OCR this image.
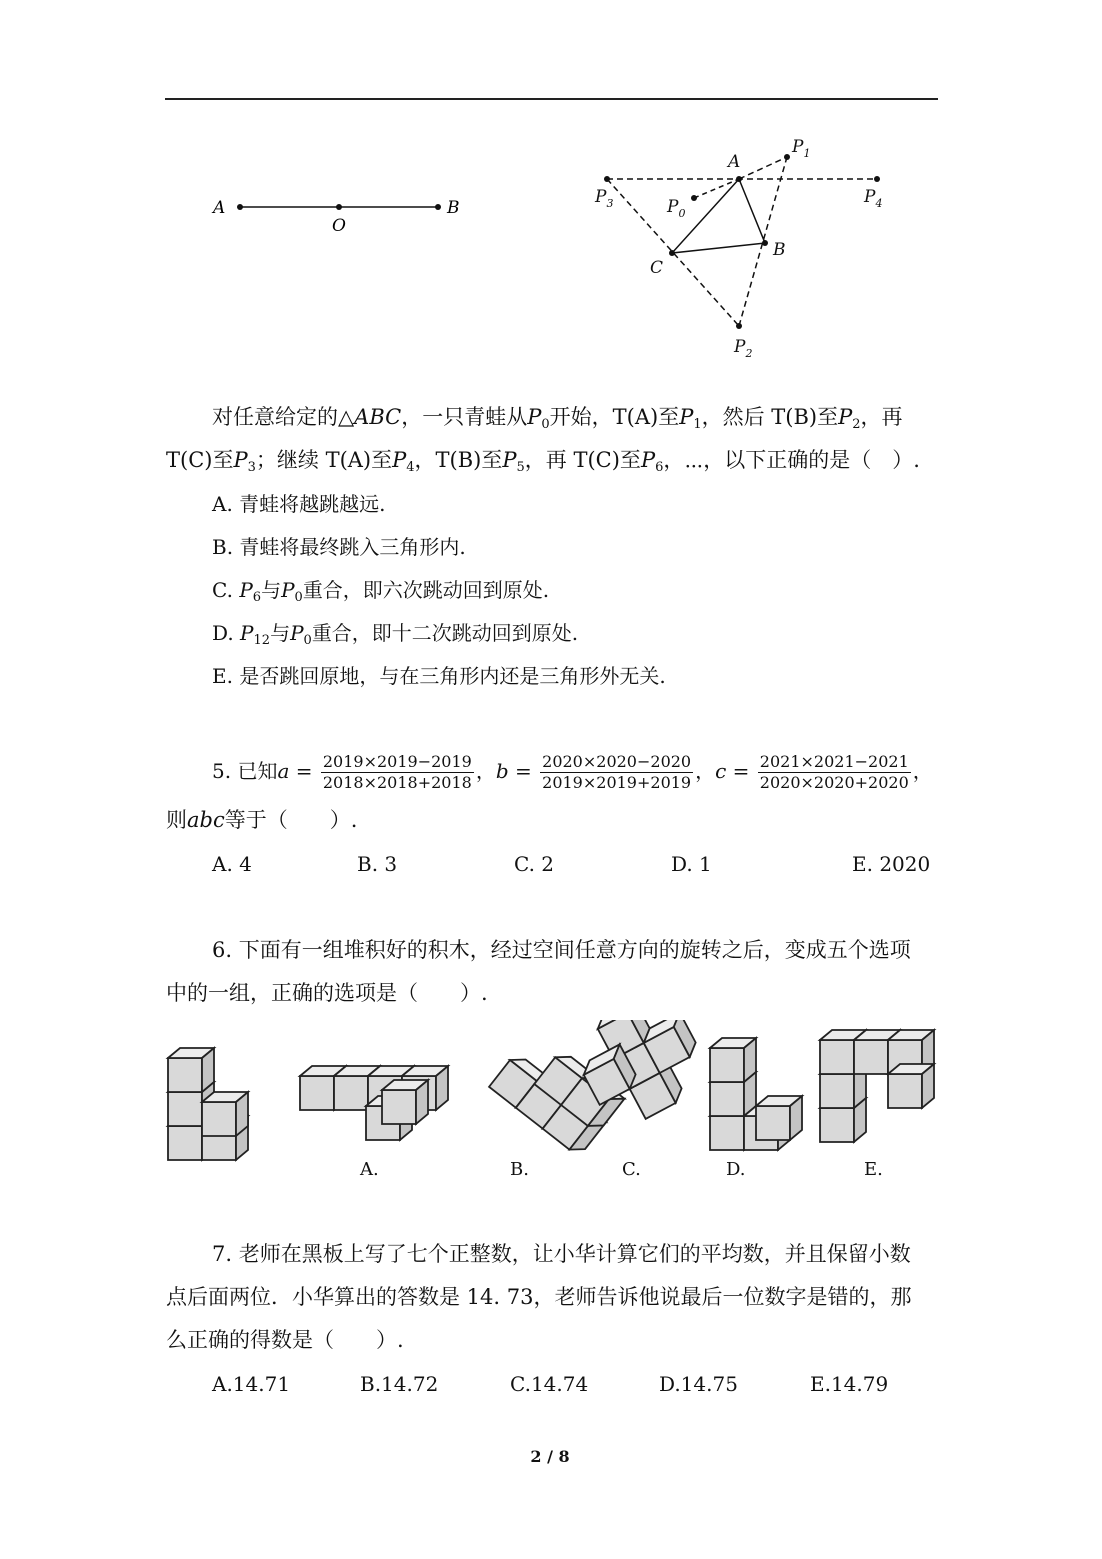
A
O
B
A
B
C
$P_1$
$P_0$
$P_3$	$P_4$
$P_2$
对任意给定的△ABC，一只青蛙从$P_0$开始，T(A)至$P_1$，然后 T(B)至$P_2$，再
T(C)至$P_3$；继续 T(A)至$P_4$，T(B)至$P_5$，再 T(C)至$P_6$，⋯，以下正确的是（　）.
A. 青蛙将越跳越远.
B. 青蛙将最终跳入三角形内.
C. $P_6$与$P_0$重合，即六次跳动回到原处.
D. $P_{12}$与$P_0$重合，即十二次跳动回到原处.
E. 是否跳回原地，与在三角形内还是三角形外无关.
5. 已知$a = \frac{2019\times 2019-2019}{2018\times 2018+2018}$ ，$b = \frac{2020\times 2020-2020}{2019\times 2019+2019}$ ，$c = \frac{2021\times 2021-2021}{2020\times 2020+2020}$ ，
则abc等于（　　）.
A. 4	B. 3	C. 2	D. 1	E. 2020
6. 下面有一组堆积好的积木，经过空间任意方向的旋转之后，变成五个选项
中的一组，正确的选项是（　　）.
A.	B.	C.	D.	E.
7. 老师在黑板上写了七个正整数，让小华计算它们的平均数，并且保留小数
点后面两位．小华算出的答数是 14. 73，老师告诉他说最后一位数字是错的，那
么正确的得数是（　　）.
A.14.71	B.14.72	C.14.74	D.14.75	E.14.79
2 / 8
